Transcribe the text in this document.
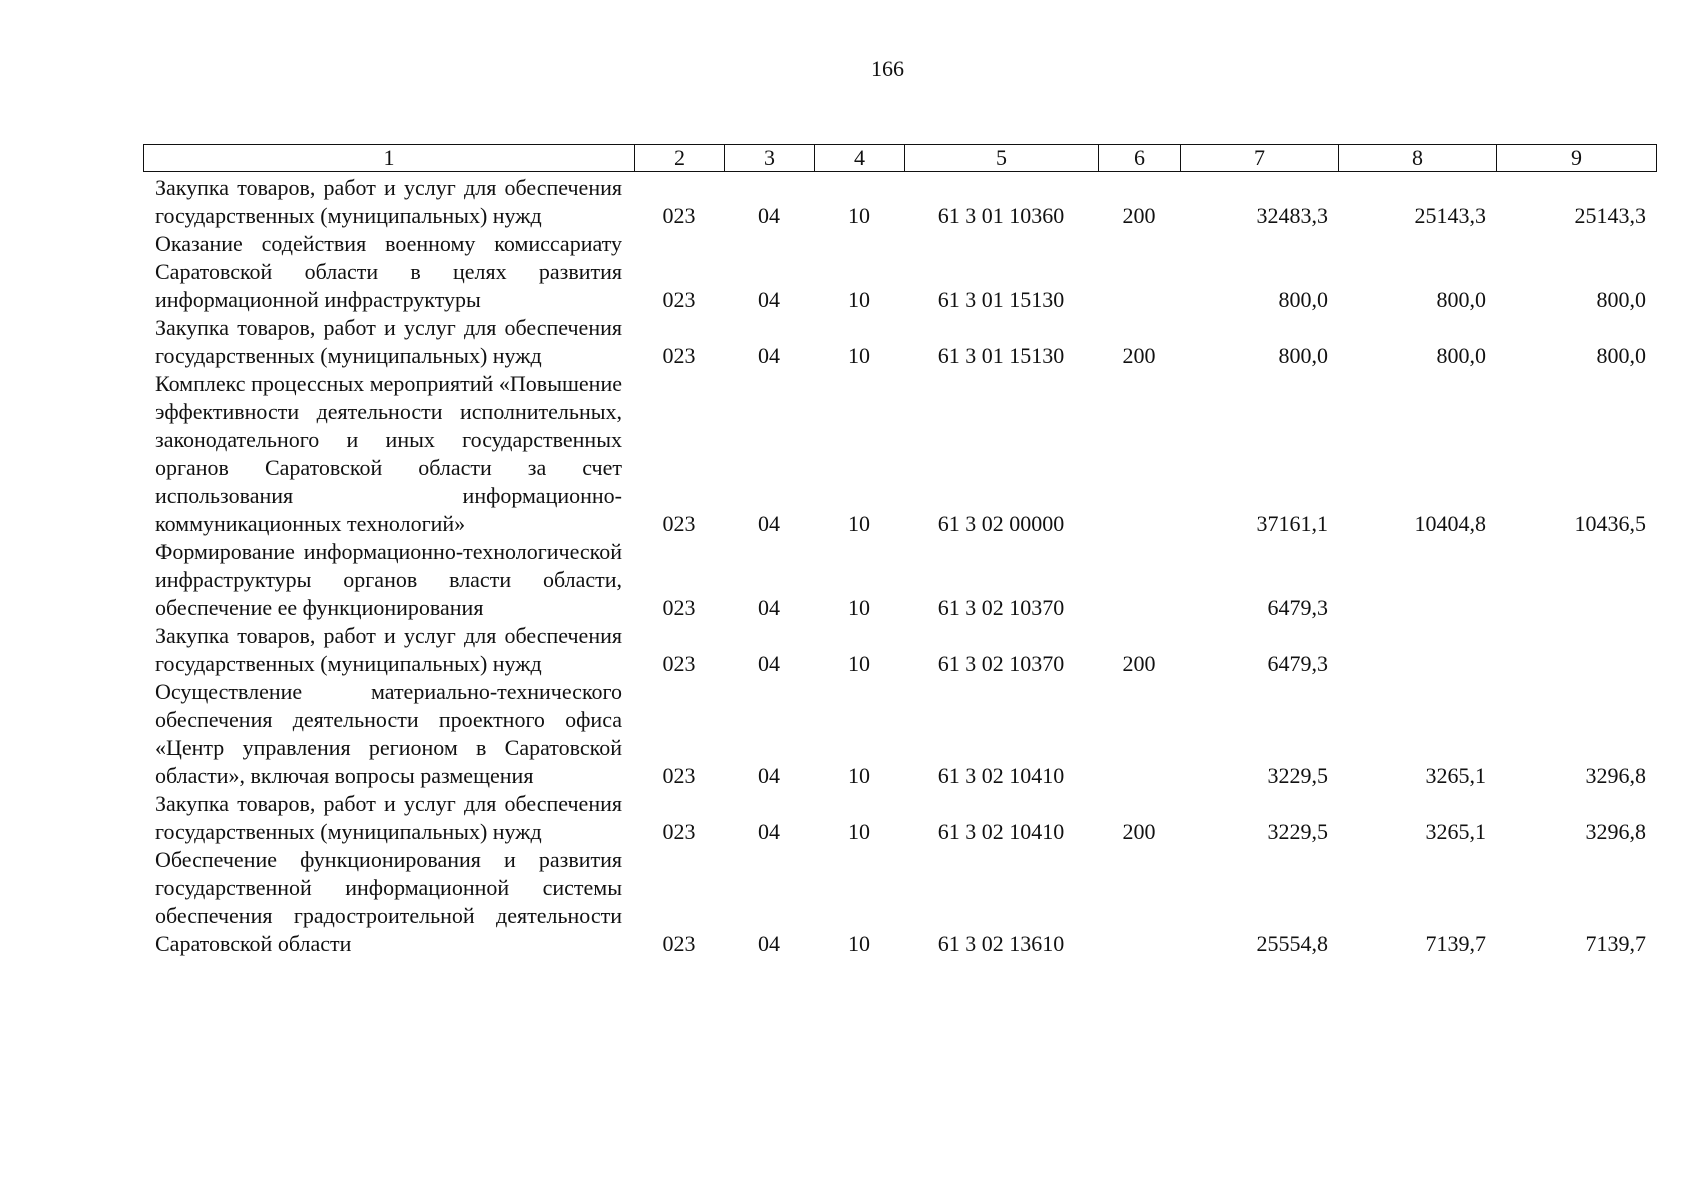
166
1	2	3	4	5	6	7	8	9
Закупка товаров, работ и услуг для обеспечения государственных (муниципальных) нужд	023	04	10	61 3 01 10360	200	32483,3	25143,3	25143,3
Оказание содействия военному комиссариату Саратовской области в целях развития информационной инфраструктуры	023	04	10	61 3 01 15130		800,0	800,0	800,0
Закупка товаров, работ и услуг для обеспечения государственных (муниципальных) нужд	023	04	10	61 3 01 15130	200	800,0	800,0	800,0
Комплекс процессных мероприятий «Повышение эффективности деятельности исполнительных, законодательного и иных государственных органов Саратовской области за счет использования информационно-коммуникационных технологий»	023	04	10	61 3 02 00000		37161,1	10404,8	10436,5
Формирование информационно-технологической инфраструктуры органов власти области, обеспечение ее функционирования	023	04	10	61 3 02 10370		6479,3		
Закупка товаров, работ и услуг для обеспечения государственных (муниципальных) нужд	023	04	10	61 3 02 10370	200	6479,3		
Осуществление материально-технического обеспечения деятельности проектного офиса «Центр управления регионом в Саратовской области», включая вопросы размещения	023	04	10	61 3 02 10410		3229,5	3265,1	3296,8
Закупка товаров, работ и услуг для обеспечения государственных (муниципальных) нужд	023	04	10	61 3 02 10410	200	3229,5	3265,1	3296,8
Обеспечение функционирования и развития государственной информационной системы обеспечения градостроительной деятельности Саратовской области	023	04	10	61 3 02 13610		25554,8	7139,7	7139,7
